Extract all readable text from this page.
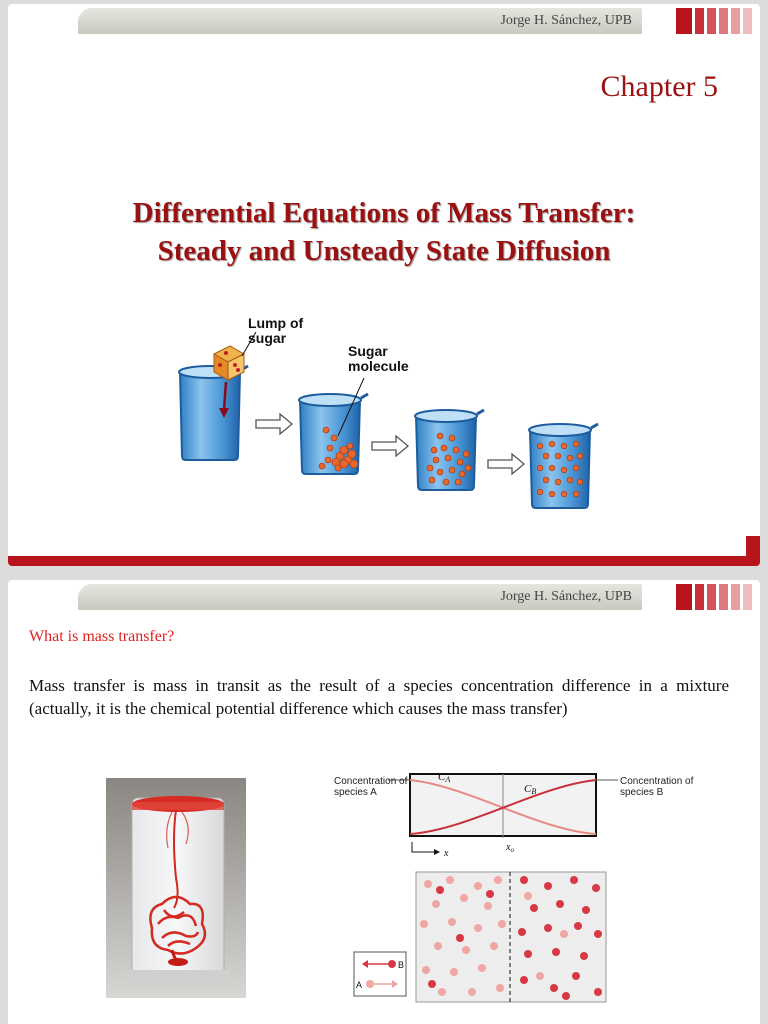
Jorge H. Sánchez, UPB
Chapter 5
Differential Equations of Mass Transfer:
Steady and Unsteady State Diffusion
Lump of sugar
Sugar molecule
Jorge H. Sánchez, UPB
What is mass transfer?
Mass transfer is mass in transit as the result of a species concentration difference in a mixture (actually, it is the chemical potential difference which causes the mass transfer)
CA
CB
x
$x_o$
B
A
Concentration of species A
Concentration of species B
